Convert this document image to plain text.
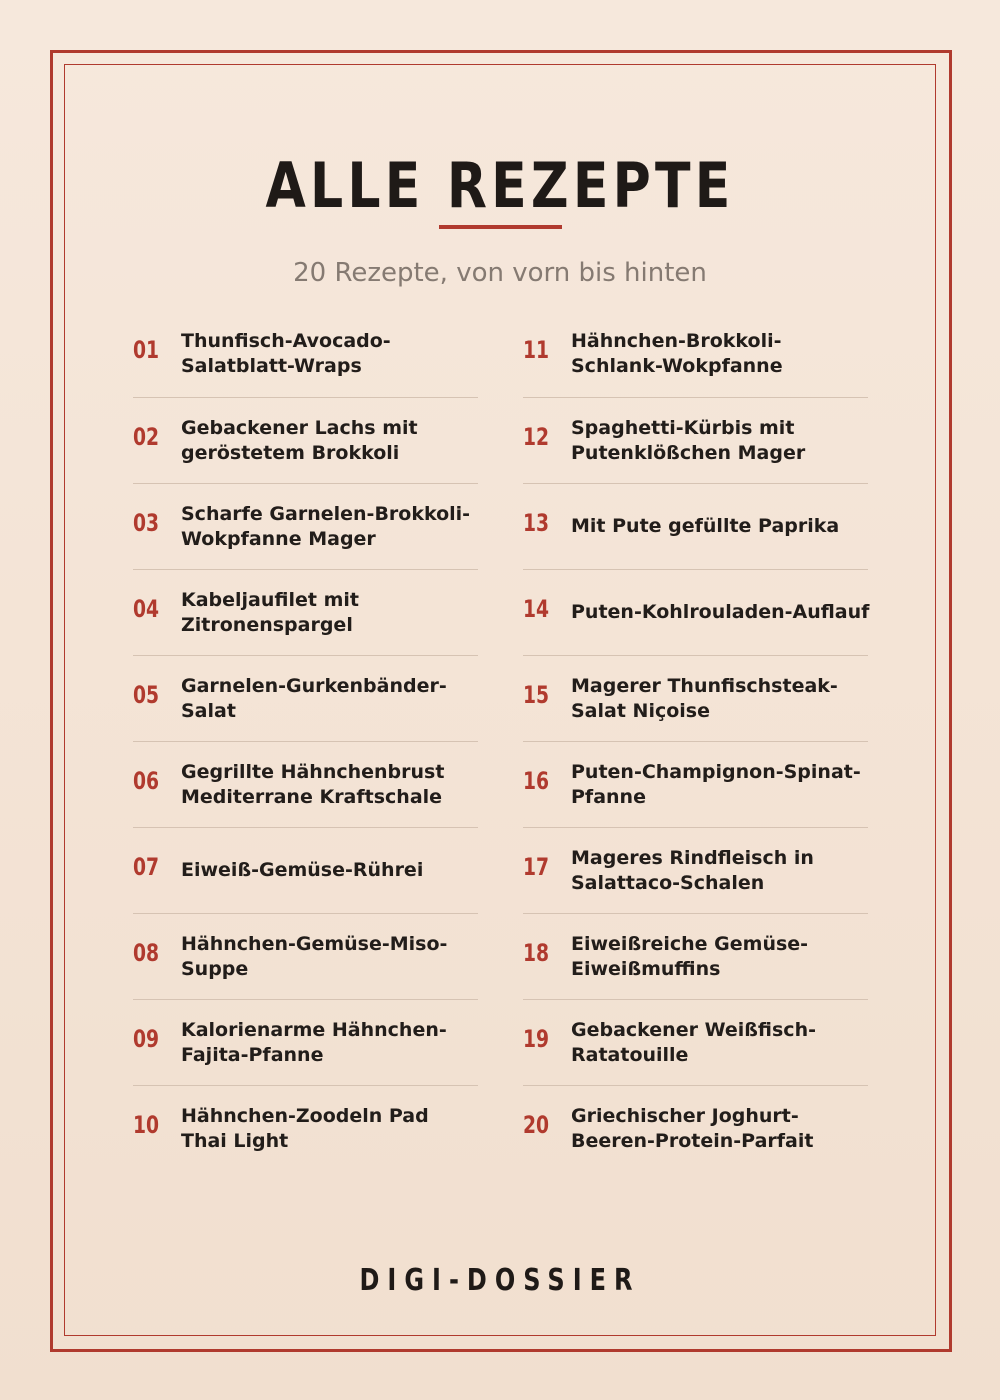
ALLE REZEPTE
20 Rezepte, von vorn bis hinten
01 Thunfisch-Avocado-Salatblatt-Wraps
02 Gebackener Lachs mit geröstetem Brokkoli
03 Scharfe Garnelen-Brokkoli-Wokpfanne Mager
04 Kabeljaufilet mit Zitronenspargel
05 Garnelen-Gurkenbänder-Salat
06 Gegrillte Hähnchenbrust Mediterrane Kraftschale
07 Eiweiß-Gemüse-Rührei
08 Hähnchen-Gemüse-Miso-Suppe
09 Kalorienarme Hähnchen-Fajita-Pfanne
10 Hähnchen-Zoodeln Pad Thai Light
11 Hähnchen-Brokkoli-Schlank-Wokpfanne
12 Spaghetti-Kürbis mit Putenklößchen Mager
13 Mit Pute gefüllte Paprika
14 Puten-Kohlrouladen-Auflauf
15 Magerer Thunfischsteak-Salat Niçoise
16 Puten-Champignon-Spinat-Pfanne
17 Mageres Rindfleisch in Salattaco-Schalen
18 Eiweißreiche Gemüse-Eiweißmuffins
19 Gebackener Weißfisch-Ratatouille
20 Griechischer Joghurt-Beeren-Protein-Parfait
DIGI-DOSSIER
